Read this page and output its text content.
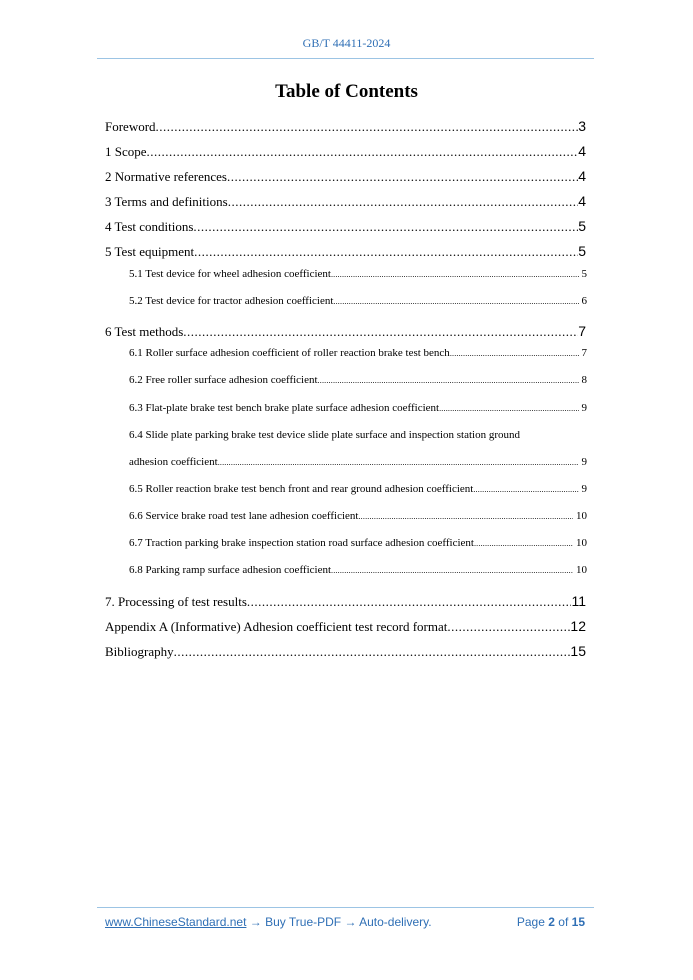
GB/T 44411-2024
Table of Contents
Foreword .....	3
1 Scope .....	4
2 Normative references .....	4
3 Terms and definitions .....	4
4 Test conditions .....	5
5 Test equipment .....	5
5.1 Test device for wheel adhesion coefficient .....	5
5.2 Test device for tractor adhesion coefficient .....	6
6 Test methods .....	7
6.1 Roller surface adhesion coefficient of roller reaction brake test bench .....	7
6.2 Free roller surface adhesion coefficient .....	8
6.3 Flat-plate brake test bench brake plate surface adhesion coefficient .....	9
6.4 Slide plate parking brake test device slide plate surface and inspection station ground
adhesion coefficient .....	9
6.5 Roller reaction brake test bench front and rear ground adhesion coefficient .....	9
6.6 Service brake road test lane adhesion coefficient .....	10
6.7 Traction parking brake inspection station road surface adhesion coefficient .....	10
6.8 Parking ramp surface adhesion coefficient .....	10
7. Processing of test results .....	11
Appendix A (Informative) Adhesion coefficient test record format .....	12
Bibliography .....	15
www.ChineseStandard.net → Buy True-PDF → Auto-delivery.	Page 2 of 15
